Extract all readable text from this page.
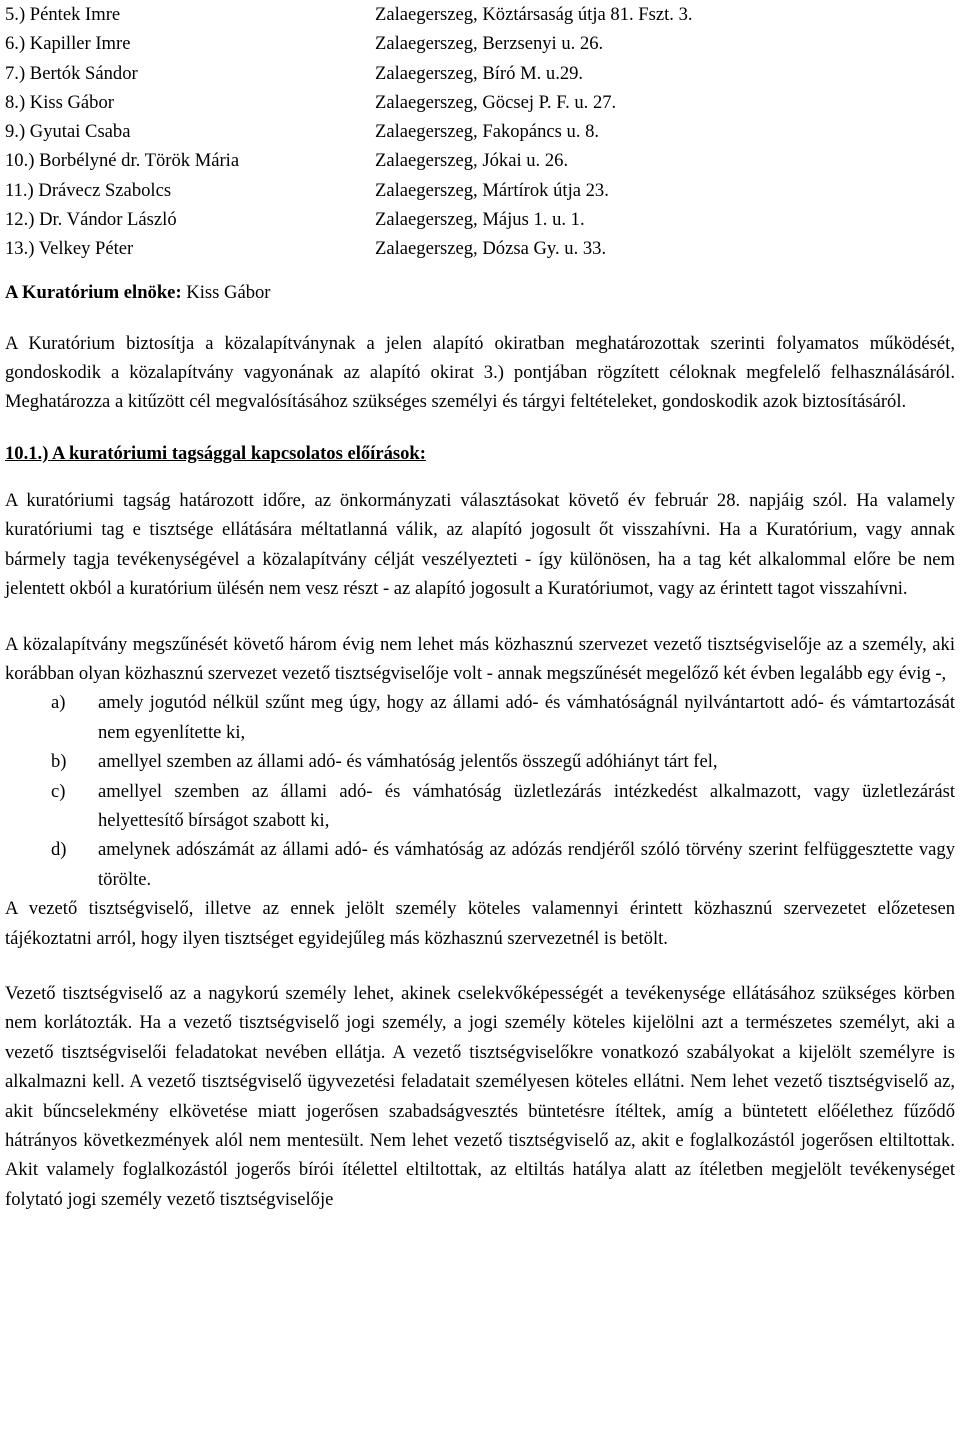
5.) Péntek Imre	Zalaegerszeg, Köztársaság útja 81. Fszt. 3.
6.) Kapiller Imre	Zalaegerszeg, Berzsenyi u. 26.
7.) Bertók Sándor	Zalaegerszeg, Bíró M. u.29.
8.) Kiss Gábor	Zalaegerszeg, Göcsej P. F. u. 27.
9.) Gyutai Csaba	Zalaegerszeg, Fakopáncs u. 8.
10.) Borbélyné dr. Török Mária	Zalaegerszeg, Jókai u. 26.
11.) Drávecz Szabolcs	Zalaegerszeg, Mártírok útja 23.
12.) Dr. Vándor László	Zalaegerszeg, Május 1. u. 1.
13.) Velkey Péter	Zalaegerszeg, Dózsa Gy. u. 33.
A Kuratórium elnöke: Kiss Gábor

A Kuratórium biztosítja a közalapítványnak a jelen alapító okiratban meghatározottak szerinti folyamatos működését, gondoskodik a közalapítvány vagyonának az alapító okirat 3.) pontjában rögzített céloknak megfelelő felhasználásáról. Meghatározza a kitűzött cél megvalósításához szükséges személyi és tárgyi feltételeket, gondoskodik azok biztosításáról.

10.1.) A kuratóriumi tagsággal kapcsolatos előírások:

A kuratóriumi tagság határozott időre, az önkormányzati választásokat követő év február 28. napjáig szól. Ha valamely kuratóriumi tag e tisztsége ellátására méltatlanná válik, az alapító jogosult őt visszahívni. Ha a Kuratórium, vagy annak bármely tagja tevékenységével a közalapítvány célját veszélyezteti - így különösen, ha a tag két alkalommal előre be nem jelentett okból a kuratórium ülésén nem vesz részt - az alapító jogosult a Kuratóriumot, vagy az érintett tagot visszahívni.

A közalapítvány megszűnését követő három évig nem lehet más közhasznú szervezet vezető tisztségviselője az a személy, aki korábban olyan közhasznú szervezet vezető tisztségviselője volt - annak megszűnését megelőző két évben legalább egy évig -,

a)	amely jogutód nélkül szűnt meg úgy, hogy az állami adó- és vámhatóságnál nyilvántartott adó- és vámtartozását nem egyenlítette ki,
b)	amellyel szemben az állami adó- és vámhatóság jelentős összegű adóhiányt tárt fel,
c)	amellyel szemben az állami adó- és vámhatóság üzletlezárás intézkedést alkalmazott, vagy üzletlezárást helyettesítő bírságot szabott ki,
d)	amelynek adószámát az állami adó- és vámhatóság az adózás rendjéről szóló törvény szerint felfüggesztette vagy törölte.

A vezető tisztségviselő, illetve az ennek jelölt személy köteles valamennyi érintett közhasznú szervezetet előzetesen tájékoztatni arról, hogy ilyen tisztséget egyidejűleg más közhasznú szervezetnél is betölt.

Vezető tisztségviselő az a nagykorú személy lehet, akinek cselekvőképességét a tevékenysége ellátásához szükséges körben nem korlátozták. Ha a vezető tisztségviselő jogi személy, a jogi személy köteles kijelölni azt a természetes személyt, aki a vezető tisztségviselői feladatokat nevében ellátja. A vezető tisztségviselőkre vonatkozó szabályokat a kijelölt személyre is alkalmazni kell. A vezető tisztségviselő ügyvezetési feladatait személyesen köteles ellátni. Nem lehet vezető tisztségviselő az, akit bűncselekmény elkövetése miatt jogerősen szabadságvesztés büntetésre ítéltek, amíg a büntetett előélethez fűződő hátrányos következmények alól nem mentesült. Nem lehet vezető tisztségviselő az, akit e foglalkozástól jogerősen eltiltottak. Akit valamely foglalkozástól jogerős bírói ítélettel eltiltottak, az eltiltás hatálya alatt az ítéletben megjelölt tevékenységet folytató jogi személy vezető tisztségviselője
